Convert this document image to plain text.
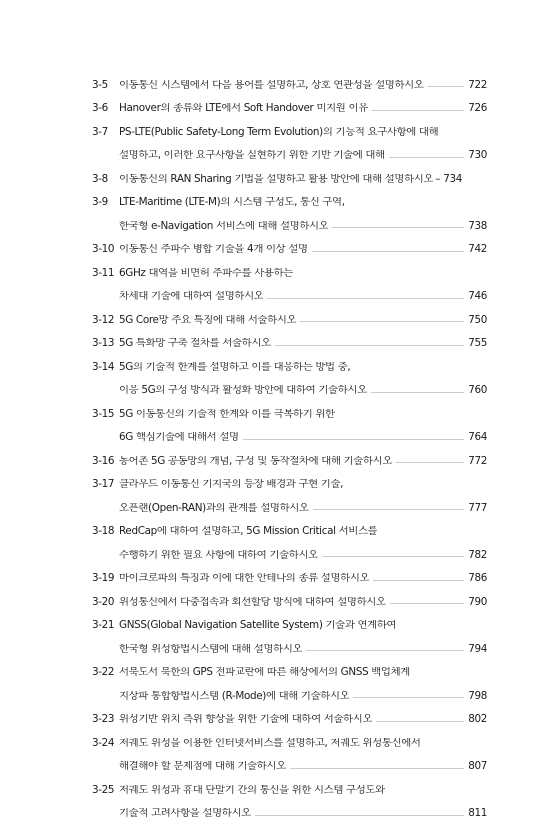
3-5	이동통신 시스템에서 다음 용어를 설명하고, 상호 연관성을 설명하시오	722
3-6	Hanover의 종류와 LTE에서 Soft Handover 미지원 이유	726
3-7	PS-LTE(Public Safety-Long Term Evolution)의 기능적 요구사항에 대해
설명하고, 이러한 요구사항을 실현하기 위한 기반 기술에 대해	730
3-8	이동통신의 RAN Sharing 기법을 설명하고 활용 방안에 대해 설명하시오 – 734
3-9	LTE-Maritime (LTE-M)의 시스템 구성도, 통신 구역,
한국형 e-Navigation 서비스에 대해 설명하시오	738
3-10 이동통신 주파수 병합 기술을 4개 이상 설명	742
3-11 6GHz 대역을 비면허 주파수를 사용하는
차세대 기술에 대하여 설명하시오	746
3-12 5G Core망 주요 특징에 대해 서술하시오	750
3-13 5G 특화망 구축 절차를 서술하시오	755
3-14 5G의 기술적 한계를 설명하고 이를 대응하는 방법 중,
이응 5G의 구성 방식과 활성화 방안에 대하여 기술하시오	760
3-15 5G 이동통신의 기술적 한계와 이를 극복하기 위한
6G 핵심기술에 대해서 설명	764
3-16 농어촌 5G 공동망의 개념, 구성 및 동작절차에 대해 기술하시오	772
3-17 클라우드 이동통신 기지국의 등장 배경과 구현 기술,
오픈랜(Open-RAN)과의 관계를 설명하시오	777
3-18 RedCap에 대하여 설명하고, 5G Mission Critical 서비스를
수행하기 위한 필요 사항에 대하여 기술하시오	782
3-19 마이크로파의 특징과 이에 대한 안테나의 종류 설명하시오	786
3-20 위성통신에서 다중접속과 회선할당 방식에 대하여 설명하시오	790
3-21 GNSS(Global Navigation Satellite System) 기술과 연계하여
한국형 위성항법시스템에 대해 설명하시오	794
3-22 서북도서 북한의 GPS 전파교란에 따른 해상에서의 GNSS 백업체계
지상파 통합항법시스템 (R-Mode)에 대해 기술하시오	798
3-23 위성기반 위치 측위 향상을 위한 기술에 대하여 서술하시오	802
3-24 저궤도 위성을 이용한 인터넷서비스를 설명하고, 저궤도 위성통신에서
해결해야 할 문제점에 대해 기술하시오	807
3-25 저궤도 위성과 휴대 단말기 간의 통신을 위한 시스템 구성도와
기술적 고려사항을 설명하시오	811
